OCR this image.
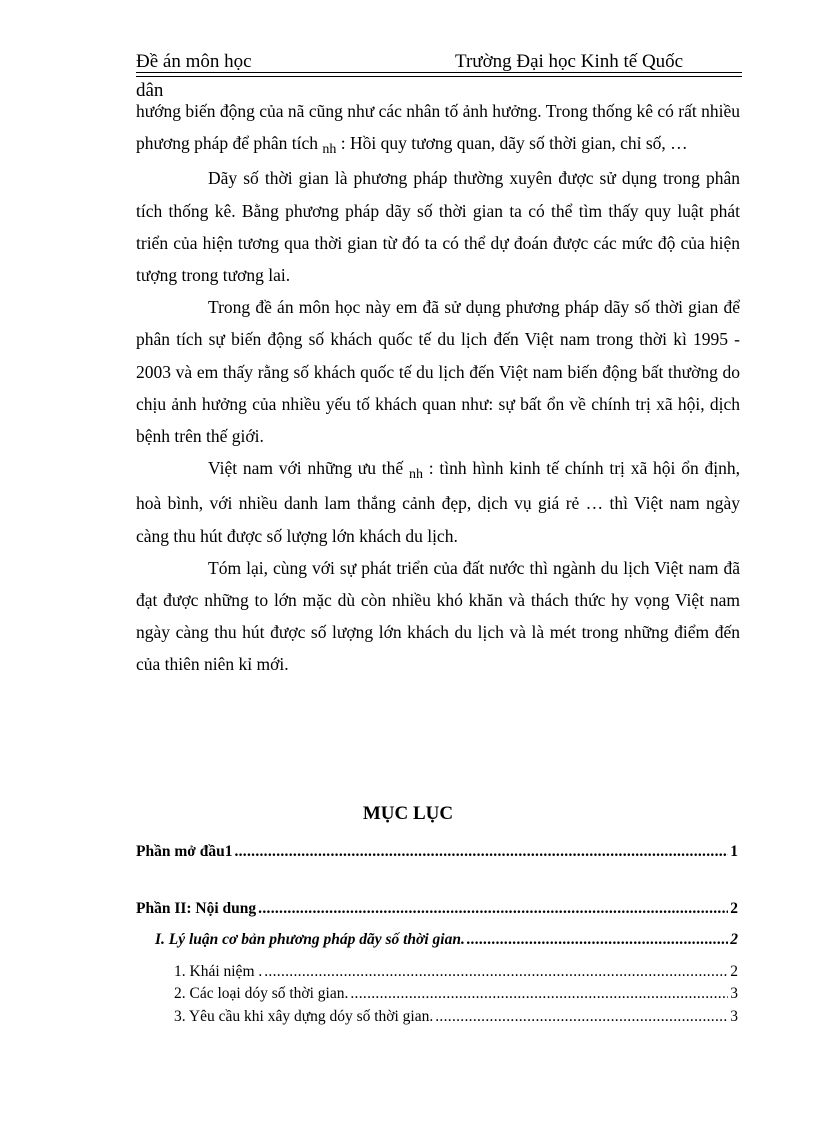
Đề án môn học	Trường Đại học Kinh tế Quốc
dân

hướng biến động của nã cũng như các nhân tố ảnh hưởng. Trong thống kê có rất nhiều phương pháp để phân tích $_{nh}$ : Hồi quy tương quan, dãy số thời gian, chỉ số, …

Dãy số thời gian là phương pháp thường xuyên được sử dụng trong phân tích thống kê. Bằng phương pháp dãy số thời gian ta có thể tìm thấy quy luật phát triển của hiện tương qua thời gian từ đó ta có thể dự đoán được các mức độ của hiện tượng trong tương lai.

Trong đề án môn học này em đã sử dụng phương pháp dãy số thời gian để phân tích sự biến động số khách quốc tế du lịch đến Việt nam trong thời kì 1995 - 2003 và em thấy rằng số khách quốc tế du lịch đến Việt nam biến động bất thường do chịu ảnh hưởng của nhiều yếu tố khách quan như: sự bất ổn về chính trị xã hội, dịch bệnh trên thế giới.

Việt nam với những ưu thế $_{nh}$ : tình hình kinh tế chính trị xã hội ổn định, hoà bình, với nhiều danh lam thắng cảnh đẹp, dịch vụ giá rẻ … thì Việt nam ngày càng thu hút được số lượng lớn khách du lịch.

Tóm lại, cùng với sự phát triển của đất nước thì ngành du lịch Việt nam đã đạt được những to lớn mặc dù còn nhiều khó khăn và thách thức hy vọng Việt nam ngày càng thu hút được số lượng lớn khách du lịch và là mét trong những điểm đến của thiên niên kỉ mới.

MỤC LỤC
Phần mở đầu1 .....	1
Phần II: Nội dung .....	2
I. Lý luận cơ bản phương pháp dãy số thời gian. .....	2
1. Khái niệm . .....	2
2. Các loại dóy số thời gian. .....	3
3. Yêu cầu khi xây dựng dóy số thời gian. .....	3
